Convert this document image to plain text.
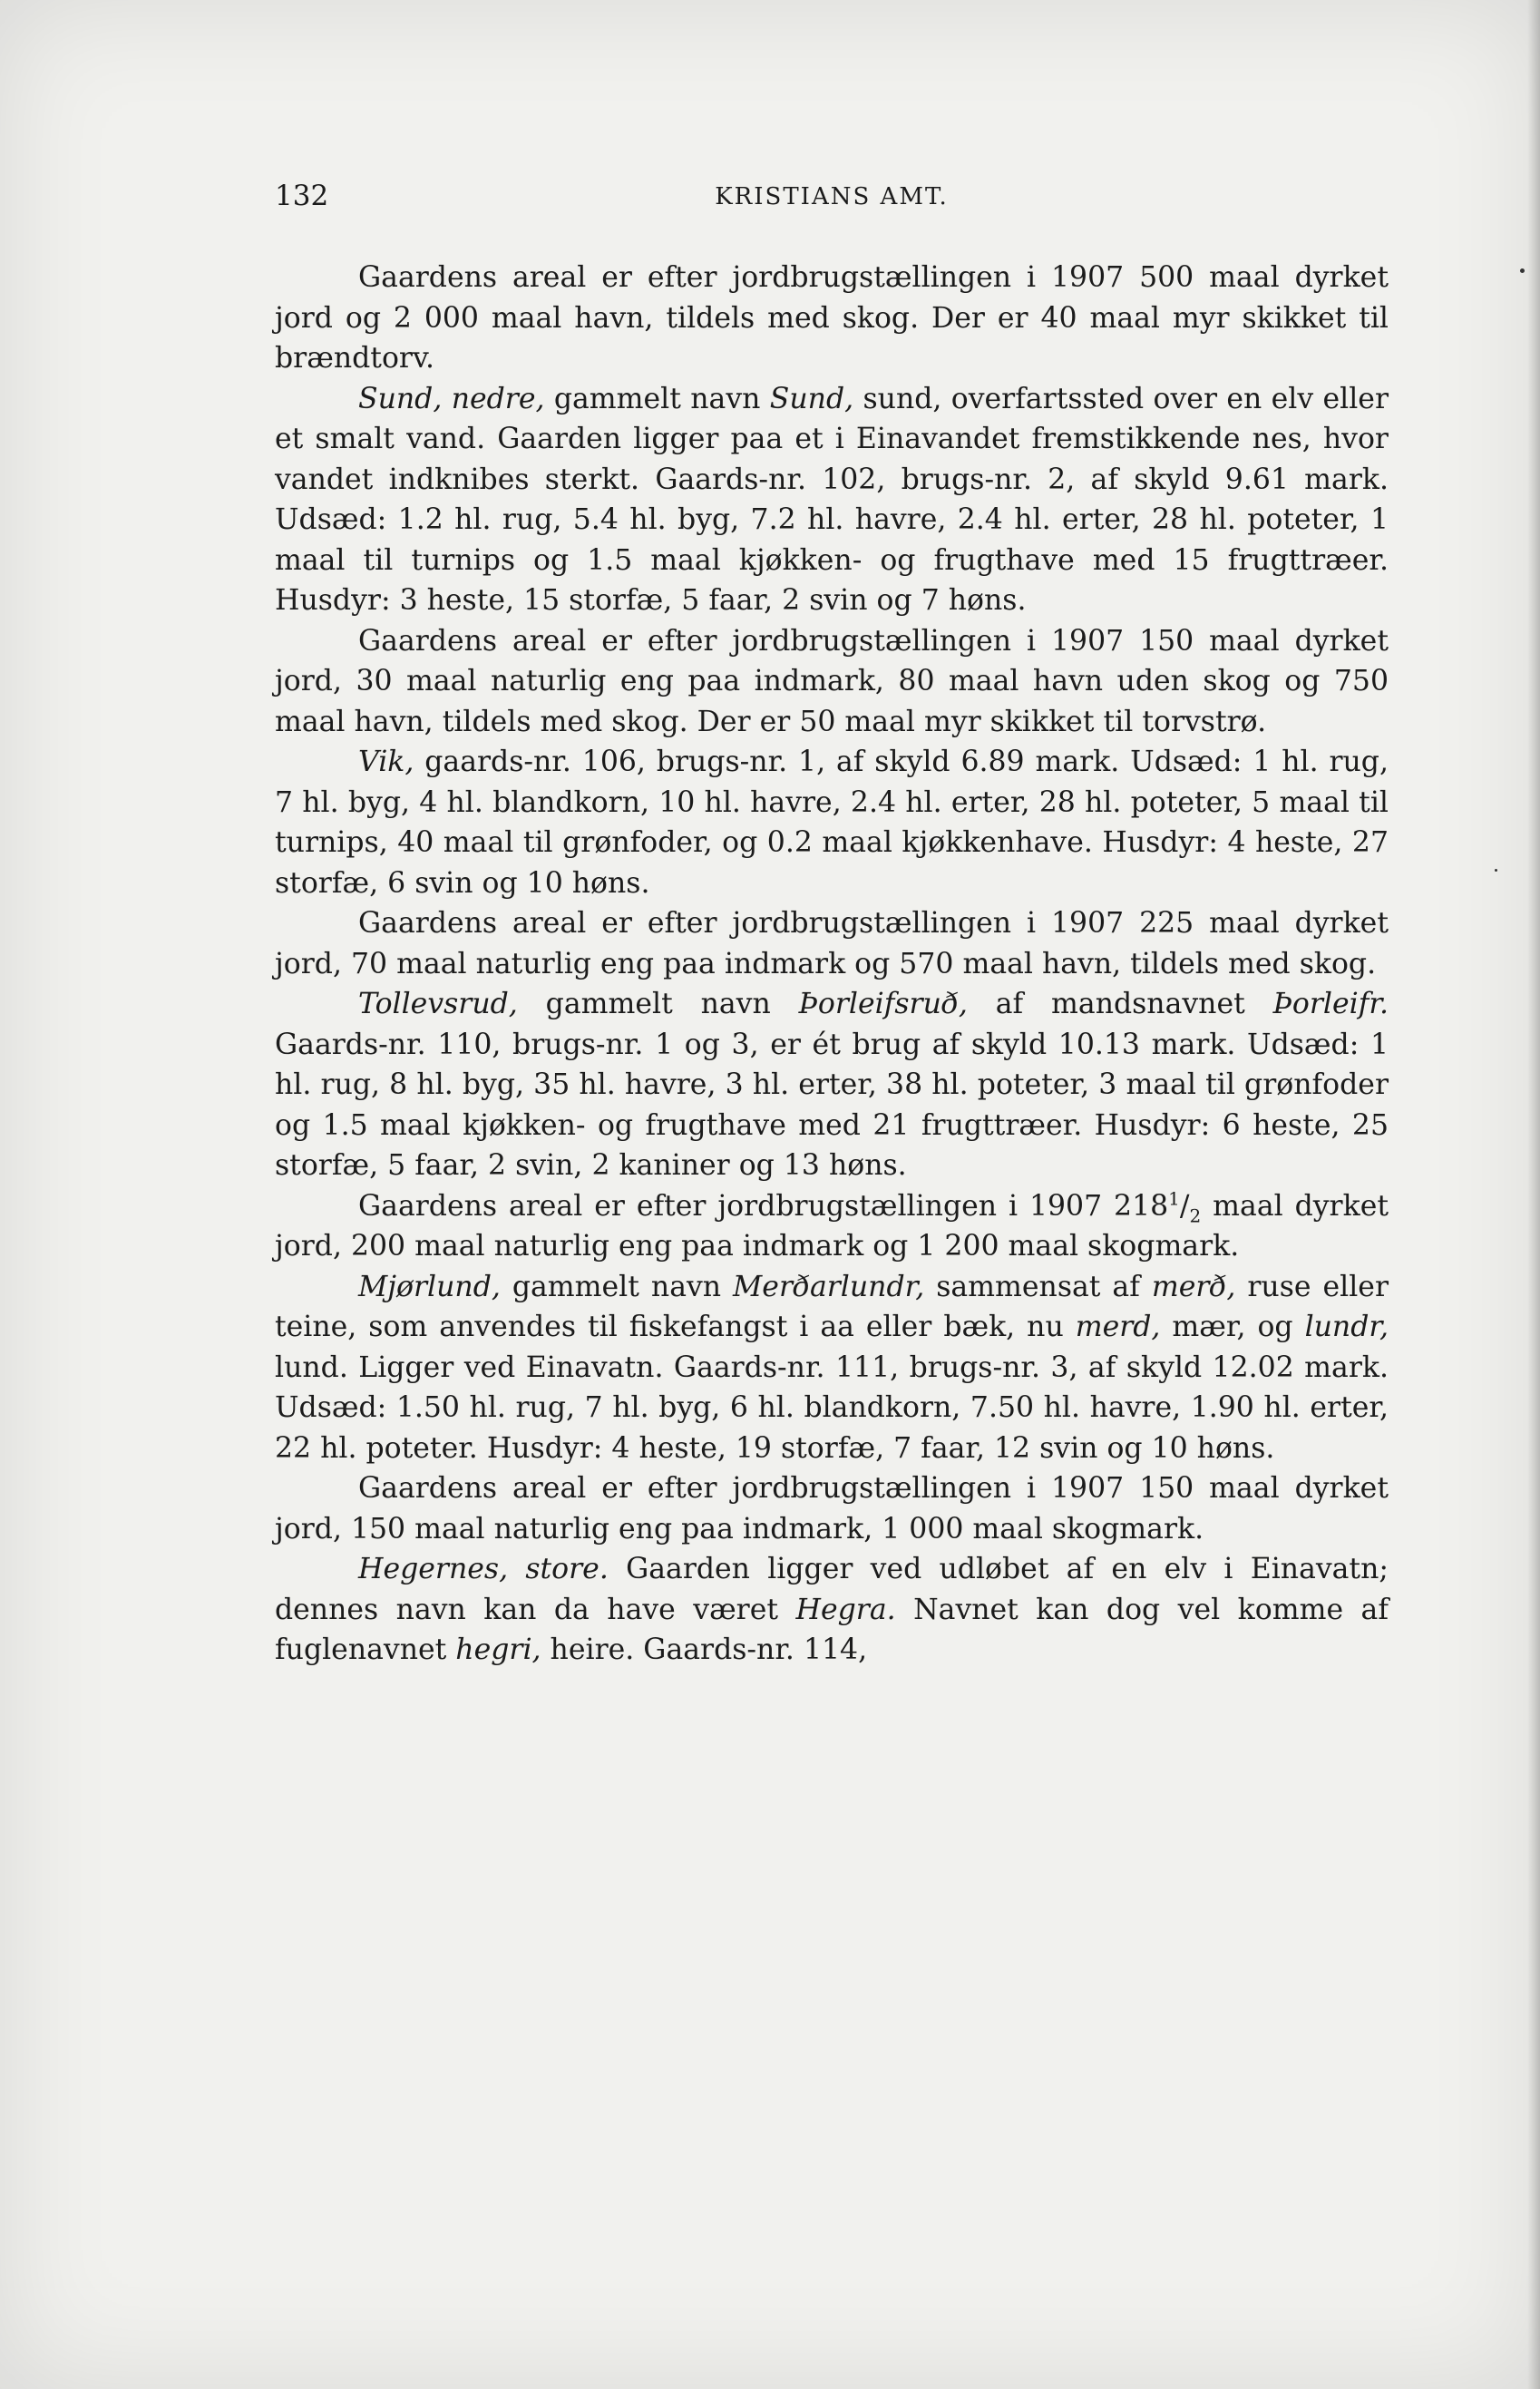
132	KRISTIANS AMT.

Gaardens areal er efter jordbrugstællingen i 1907 500 maal dyrket jord og 2 000 maal havn, tildels med skog. Der er 40 maal myr skikket til brændtorv.

Sund, nedre, gammelt navn Sund, sund, overfartssted over en elv eller et smalt vand. Gaarden ligger paa et i Einavandet fremstikkende nes, hvor vandet indknibes sterkt. Gaards-nr. 102, brugs-nr. 2, af skyld 9.61 mark. Udsæd: 1.2 hl. rug, 5.4 hl. byg, 7.2 hl. havre, 2.4 hl. erter, 28 hl. poteter, 1 maal til turnips og 1.5 maal kjøkken- og frugthave med 15 frugttræer. Husdyr: 3 heste, 15 storfæ, 5 faar, 2 svin og 7 høns.

Gaardens areal er efter jordbrugstællingen i 1907 150 maal dyrket jord, 30 maal naturlig eng paa indmark, 80 maal havn uden skog og 750 maal havn, tildels med skog. Der er 50 maal myr skikket til torvstrø.

Vik, gaards-nr. 106, brugs-nr. 1, af skyld 6.89 mark. Udsæd: 1 hl. rug, 7 hl. byg, 4 hl. blandkorn, 10 hl. havre, 2.4 hl. erter, 28 hl. poteter, 5 maal til turnips, 40 maal til grønfoder, og 0.2 maal kjøkkenhave. Husdyr: 4 heste, 27 storfæ, 6 svin og 10 høns.

Gaardens areal er efter jordbrugstællingen i 1907 225 maal dyrket jord, 70 maal naturlig eng paa indmark og 570 maal havn, tildels med skog.

Tollevsrud, gammelt navn Þorleifsruð, af mandsnavnet Þorleifr. Gaards-nr. 110, brugs-nr. 1 og 3, er ét brug af skyld 10.13 mark. Udsæd: 1 hl. rug, 8 hl. byg, 35 hl. havre, 3 hl. erter, 38 hl. poteter, 3 maal til grønfoder og 1.5 maal kjøkken- og frugthave med 21 frugttræer. Husdyr: 6 heste, 25 storfæ, 5 faar, 2 svin, 2 kaniner og 13 høns.

Gaardens areal er efter jordbrugstællingen i 1907 $218^1/_2$ maal dyrket jord, 200 maal naturlig eng paa indmark og 1 200 maal skogmark.

Mjørlund, gammelt navn Merðarlundr, sammensat af merð, ruse eller teine, som anvendes til fiskefangst i aa eller bæk, nu merd, mær, og lundr, lund. Ligger ved Einavatn. Gaards-nr. 111, brugs-nr. 3, af skyld 12.02 mark. Udsæd: 1.50 hl. rug, 7 hl. byg, 6 hl. blandkorn, 7.50 hl. havre, 1.90 hl. erter, 22 hl. poteter. Husdyr: 4 heste, 19 storfæ, 7 faar, 12 svin og 10 høns.

Gaardens areal er efter jordbrugstællingen i 1907 150 maal dyrket jord, 150 maal naturlig eng paa indmark, 1 000 maal skogmark.

Hegernes, store. Gaarden ligger ved udløbet af en elv i Einavatn; dennes navn kan da have været Hegra. Navnet kan dog vel komme af fuglenavnet hegri, heire. Gaards-nr. 114,
